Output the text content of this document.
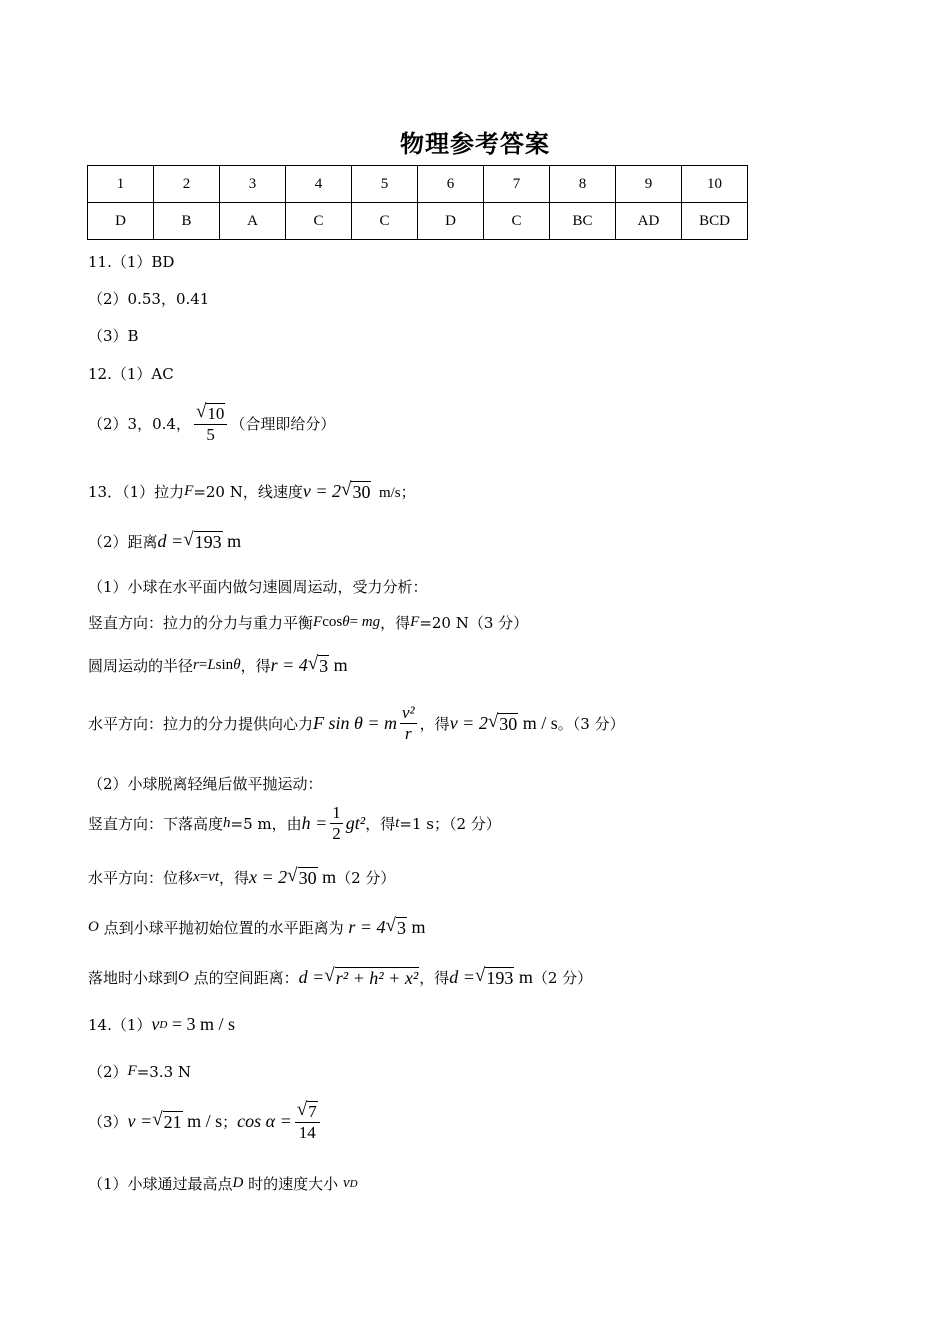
物理参考答案
1	2	3	4	5	6	7	8	9	10
D	B	A	C	C	D	C	BC	AD	BCD
11.（1）BD
（2）0.53，0.41
（3）B
12.（1）AC
（2）3，0.4， $\frac{√ 10}{5}$ （合理即给分）
13．（1）拉力 F =20 N，线速度 v = 2 √ 30 m/s；
（2）距离 d = √ 193 m
（1）小球在水平面内做匀速圆周运动，受力分析：
竖直方向：拉力的分力与重力平衡 F cos θ = mg ，得 F =20 N（3 分）
圆周运动的半径 r = L sin θ ，得 r = 4 √ 3 m
水平方向：拉力的分力提供向心力 F sin θ = m $\frac{\text{v²}}{r}$ ，得 v = 2 √ 30 m / s 。（3 分）
（2）小球脱离轻绳后做平抛运动：
竖直方向：下落高度 h =5 m，由 $h = \frac{1}{2} gt^2$ ，得 t =1 s；（2 分）
水平方向：位移 x = vt ，得 x = 2 √ 30 m （2 分）
O 点到小球平抛初始位置的水平距离为 r = 4 √ 3 m
落地时小球到 O 点的空间距离： d = √ r² + h² + x² ，得 d = √ 193 m （2 分）
14.（1） v D = 3 m / s
（2） F =3.3 N
（3） v = √ 21 m / s ； $\cos \alpha = \frac{√ 7}{14}$
（1）小球通过最高点 D 时的速度大小 v D
